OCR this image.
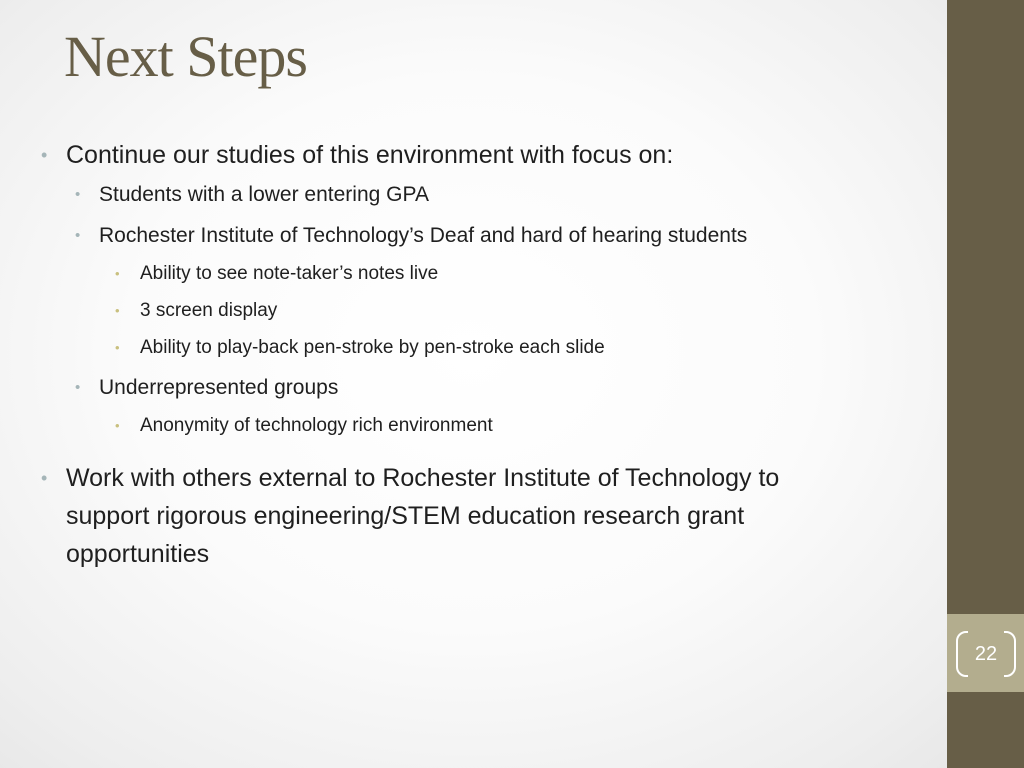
Next Steps
• Continue our studies of this environment with focus on:
• Students with a lower entering GPA
• Rochester Institute of Technology’s Deaf and hard of hearing students
• Ability to see note-taker’s notes live
• 3 screen display
• Ability to play-back pen-stroke by pen-stroke each slide
• Underrepresented groups
• Anonymity of technology rich environment
• Work with others external to Rochester Institute of Technology to
support rigorous engineering/STEM education research grant
opportunities
22
